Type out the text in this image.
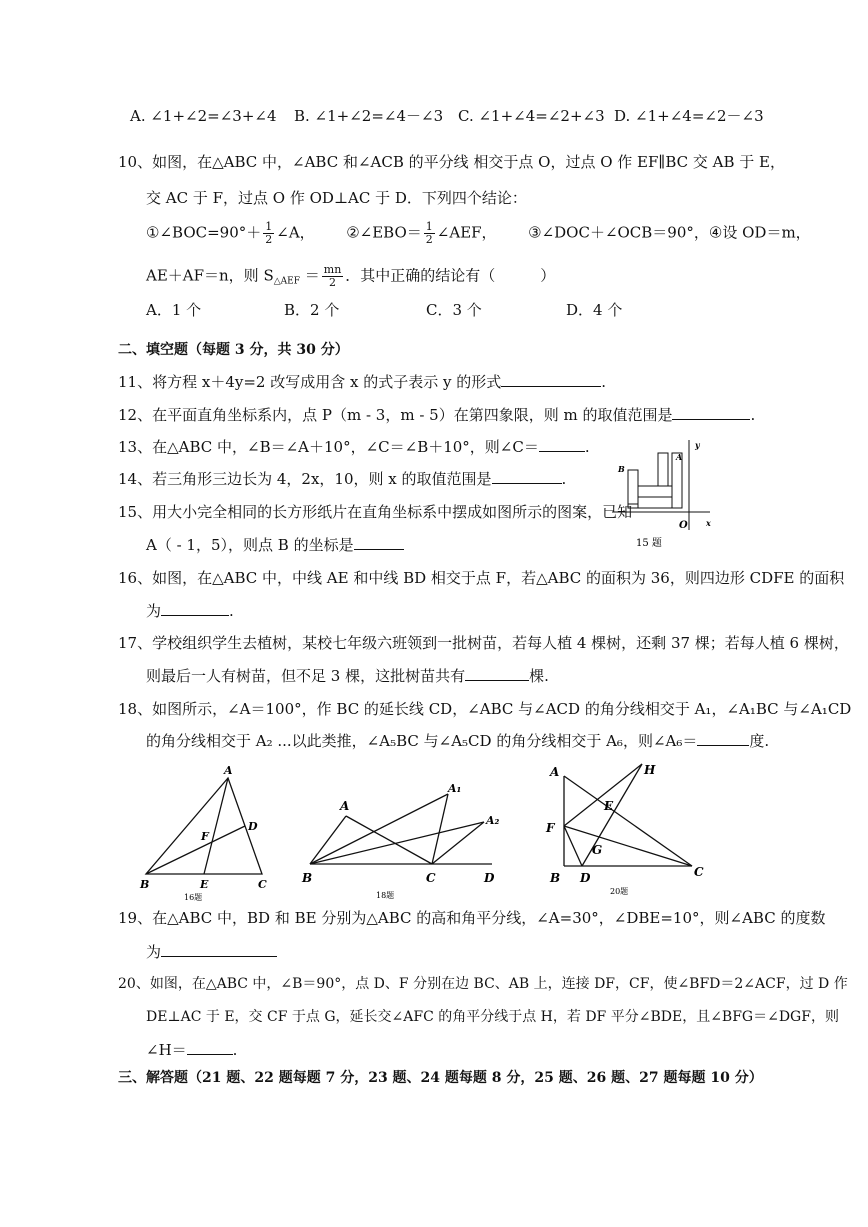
A. ∠1+∠2=∠3+∠4 B. ∠1+∠2=∠4－∠3 C. ∠1+∠4=∠2+∠3 D. ∠1+∠4=∠2－∠3
10、如图，在△ABC 中，∠ABC 和∠ACB 的平分线 相交于点 O，过点 O 作 EF∥BC 交 AB 于 E，
交 AC 于 F，过点 O 作 OD⊥AC 于 D．下列四个结论：
①∠BOC=90°＋ $\frac{1}{2}$ ∠A， ②∠EBO＝ $\frac{1}{2}$ ∠AEF， ③∠DOC＋∠OCB＝90°，④设 OD＝m，
AE＋AF＝n，则 $S_{\triangle AEF} = \frac{mn}{2}$ ．其中正确的结论有（　　　）
A．1 个	B．2 个	C．3 个	D．4 个
二、填空题（每题 3 分，共 30 分）
11、将方程 x＋4y=2 改写成用含 x 的式子表示 y 的形式	.
12、在平面直角坐标系内，点 P（m - 3，m - 5）在第四象限，则 m 的取值范围是	.
13、在△ABC 中，∠B＝∠A＋10°，∠C＝∠B＋10°，则∠C＝	.
14、若三角形三边长为 4，2x，10，则 x 的取值范围是	.
15、用大小完全相同的长方形纸片在直角坐标系中摆成如图所示的图案，已知
A（ - 1，5），则点 B 的坐标是
y
A
B
O x
15 题
16、如图，在△ABC 中，中线 AE 和中线 BD 相交于点 F，若△ABC 的面积为 36，则四边形 CDFE 的面积
为	.
17、学校组织学生去植树，某校七年级六班领到一批树苗，若每人植 4 棵树，还剩 37 棵；若每人植 6 棵树，
则最后一人有树苗，但不足 3 棵，这批树苗共有	棵.
18、如图所示，∠A＝100°，作 BC 的延长线 CD，∠ABC 与∠ACD 的角分线相交于 A₁，∠A₁BC 与∠A₁CD
的角分线相交于 A₂ ...以此类推，∠A₅BC 与∠A₅CD 的角分线相交于 A₆，则∠A₆＝	度.
A
B	C
D
E
F
16题
A
A₁
A₂
B	C	D
18题
A	H
E
F
G
B D	C
20题
19、在△ABC 中，BD 和 BE 分别为△ABC 的高和角平分线，∠A=30°，∠DBE=10°，则∠ABC 的度数
为
20、如图，在△ABC 中，∠B＝90°，点 D、F 分别在边 BC、AB 上，连接 DF，CF，使∠BFD＝2∠ACF，过 D 作
DE⊥AC 于 E，交 CF 于点 G，延长交∠AFC 的角平分线于点 H，若 DF 平分∠BDE，且∠BFG＝∠DGF，则
∠H＝	.
三、解答题（21 题、22 题每题 7 分，23 题、24 题每题 8 分，25 题、26 题、27 题每题 10 分）
